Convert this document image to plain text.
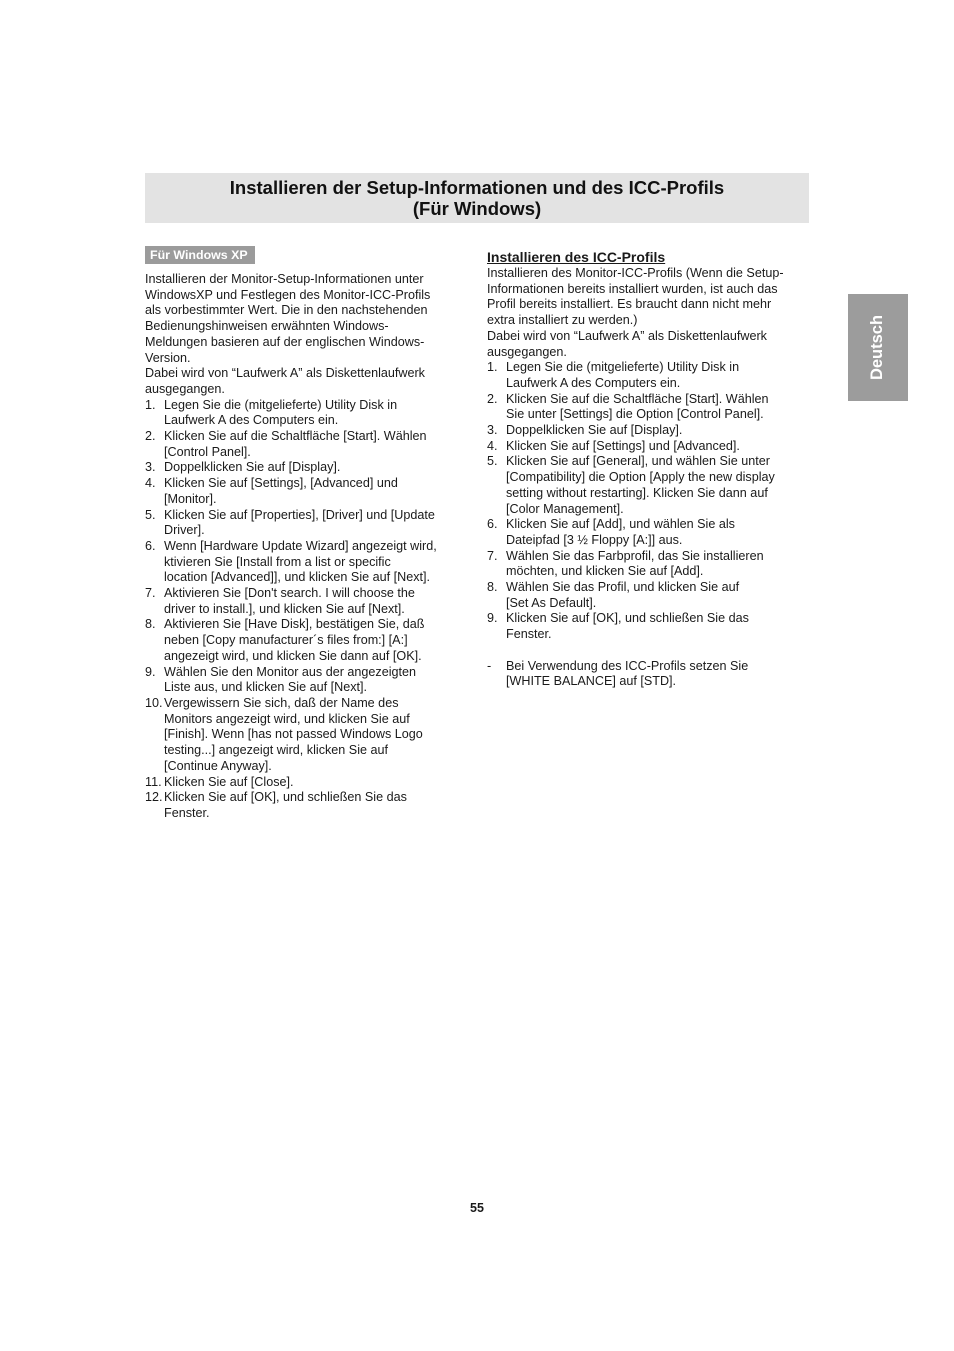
Installieren der Setup-Informationen und des ICC-Profils
(Für Windows)
Deutsch
Für Windows XP

Installieren der Monitor-Setup-Informationen unter
WindowsXP und Festlegen des Monitor-ICC-Profils
als vorbestimmter Wert. Die in den nachstehenden
Bedienungshinweisen erwähnten Windows-
Meldungen basieren auf der englischen Windows-
Version.
Dabei wird von “Laufwerk A” als Diskettenlaufwerk
ausgegangen.

1. Legen Sie die (mitgelieferte) Utility Disk in
Laufwerk A des Computers ein.
2. Klicken Sie auf die Schaltfläche [Start]. Wählen
[Control Panel].
3. Doppelklicken Sie auf [Display].
4. Klicken Sie auf [Settings], [Advanced] und
[Monitor].
5. Klicken Sie auf [Properties], [Driver] und [Update
Driver].
6. Wenn [Hardware Update Wizard] angezeigt wird,
ktivieren Sie [Install from a list or specific
location [Advanced]], und klicken Sie auf [Next].
7. Aktivieren Sie [Don't search. I will choose the
driver to install.], und klicken Sie auf [Next].
8. Aktivieren Sie [Have Disk], bestätigen Sie, daß
neben [Copy manufacturer´s files from:] [A:]
angezeigt wird, und klicken Sie dann auf [OK].
9. Wählen Sie den Monitor aus der angezeigten
Liste aus, und klicken Sie auf [Next].
10. Vergewissern Sie sich, daß der Name des
Monitors angezeigt wird, und klicken Sie auf
[Finish]. Wenn [has not passed Windows Logo
testing...] angezeigt wird, klicken Sie auf
[Continue Anyway].
11. Klicken Sie auf [Close].
12. Klicken Sie auf [OK], und schließen Sie das
Fenster.
Installieren des ICC-Profils

Installieren des Monitor-ICC-Profils (Wenn die Setup-
Informationen bereits installiert wurden, ist auch das
Profil bereits installiert. Es braucht dann nicht mehr
extra installiert zu werden.)
Dabei wird von “Laufwerk A” als Diskettenlaufwerk
ausgegangen.

1. Legen Sie die (mitgelieferte) Utility Disk in
Laufwerk A des Computers ein.
2. Klicken Sie auf die Schaltfläche [Start]. Wählen
Sie unter [Settings] die Option [Control Panel].
3. Doppelklicken Sie auf [Display].
4. Klicken Sie auf [Settings] und [Advanced].
5. Klicken Sie auf [General], und wählen Sie unter
[Compatibility] die Option [Apply the new display
setting without restarting]. Klicken Sie dann auf
[Color Management].
6. Klicken Sie auf [Add], und wählen Sie als
Dateipfad [3 ½ Floppy [A:]] aus.
7. Wählen Sie das Farbprofil, das Sie installieren
möchten, und klicken Sie auf [Add].
8. Wählen Sie das Profil, und klicken Sie auf
[Set As Default].
9. Klicken Sie auf [OK], und schließen Sie das
Fenster.
-	Bei Verwendung des ICC-Profils setzen Sie
[WHITE BALANCE] auf [STD].
55
